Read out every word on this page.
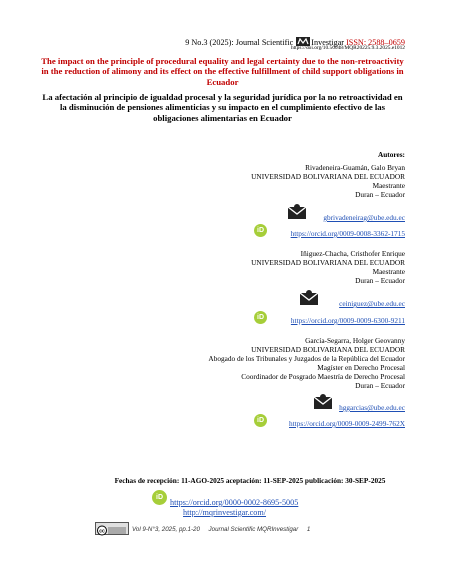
9 No.3 (2025): Journal Scientific Investigar ISSN: 2588–0659
https://doi.org/10.56048/MQR20225.9.3.2025.e1012
The impact on the principle of procedural equality and legal certainty due to the non-retroactivity in the reduction of alimony and its effect on the effective fulfillment of child support obligations in Ecuador
La afectación al principio de igualdad procesal y la seguridad jurídica por la no retroactividad en la disminución de pensiones alimenticias y su impacto en el cumplimiento efectivo de las obligaciones alimentarias en Ecuador
Autores:
Rivadeneira-Guamán, Galo Bryan
UNIVERSIDAD BOLIVARIANA DEL ECUADOR
Maestrante
Duran – Ecuador
gbrivadeneirag@ube.edu.ec
iD	https://orcid.org/0009-0008-3362-1715
Iñiguez-Chacha, Cristhofer Enrique
UNIVERSIDAD BOLIVARIANA DEL ECUADOR
Maestrante
Duran – Ecuador
ceiniguez@ube.edu.ec
iD	https://orcid.org/0009-0009-6300-9211
García-Segarra, Holger Geovanny
UNIVERSIDAD BOLIVARIANA DEL ECUADOR
Abogado de los Tribunales y Juzgados de la República del Ecuador
Magíster en Derecho Procesal
Coordinador de Posgrado Maestría de Derecho Procesal
Duran – Ecuador
hggarcias@ube.edu.ec
iD	https://orcid.org/0009-0009-2499-762X
Fechas de recepción: 11-AGO-2025 aceptación: 11-SEP-2025 publicación: 30-SEP-2025
iD
https://orcid.org/0000-0002-8695-5005
http://mqrinvestigar.com/
cc	Vol 9-N°3, 2025, pp.1-20     Journal Scientific MQRInvestigar     1
